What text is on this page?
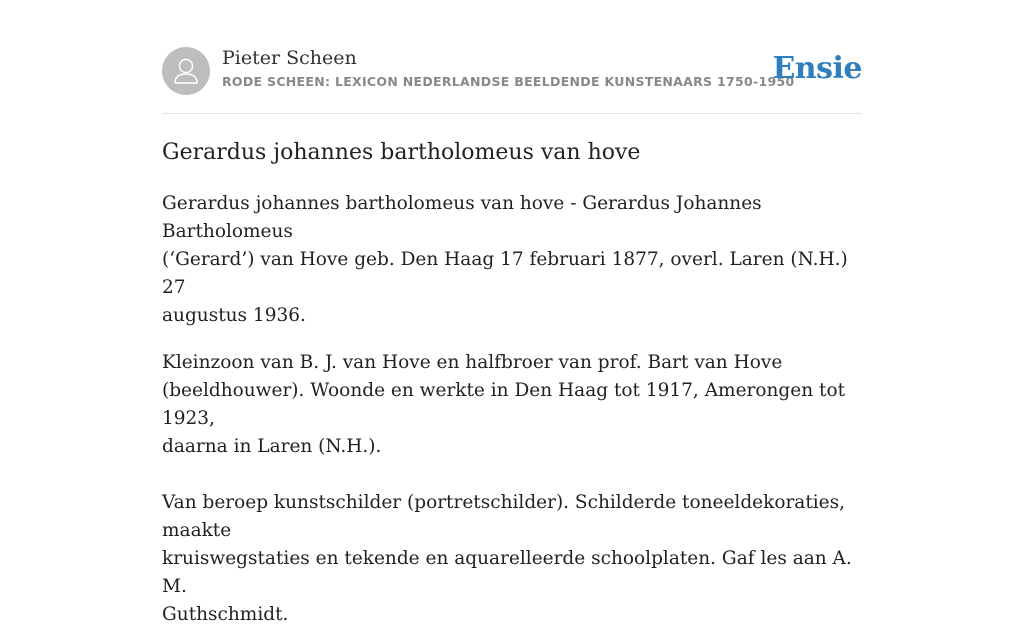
Pieter Scheen
RODE SCHEEN: LEXICON NEDERLANDSE BEELDENDE KUNSTENAARS 1750-1950
Ensie
Gerardus johannes bartholomeus van hove

Gerardus johannes bartholomeus van hove - Gerardus Johannes Bartholomeus
(‘Gerard’) van Hove geb. Den Haag 17 februari 1877, overl. Laren (N.H.) 27
augustus 1936.

Kleinzoon van B. J. van Hove en halfbroer van prof. Bart van Hove
(beeldhouwer). Woonde en werkte in Den Haag tot 1917, Amerongen tot 1923,
daarna in Laren (N.H.).

Van beroep kunstschilder (portretschilder). Schilderde toneeldekoraties, maakte
kruiswegstaties en tekende en aquarelleerde schoolplaten. Gaf les aan A. M.
Guthschmidt.
